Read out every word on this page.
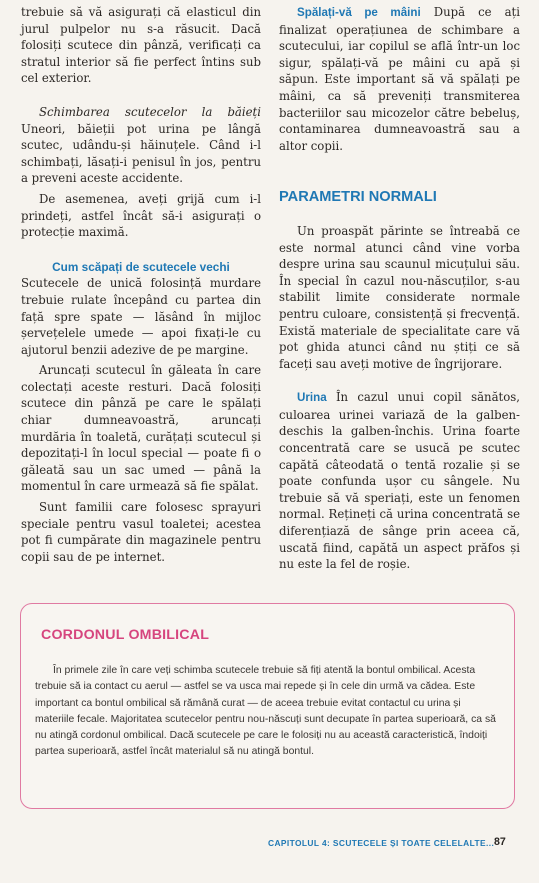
trebuie să vă asigurați că elasticul din jurul pulpelor nu s-a răsucit. Dacă folosiți scutece din pânză, verificați ca stratul interior să fie perfect întins sub cel exterior.

Schimbarea scutecelor la băieți Uneori, băieții pot urina pe lângă scutec, udându-și hăinuțele. Când i-l schimbați, lăsați-i penisul în jos, pentru a preveni aceste accidente.

De asemenea, aveți grijă cum i-l prindeți, astfel încât să-i asigurați o protecție maximă.

Cum scăpați de scutecele vechi

Scutecele de unică folosință murdare trebuie rulate începând cu partea din față spre spate — lăsând în mijloc șervețelele umede — apoi fixați-le cu ajutorul benzii adezive de pe margine.

Aruncați scutecul în găleata în care colectați aceste resturi. Dacă folosiți scutece din pânză pe care le spălați chiar dumneavoastră, aruncați murdăria în toaletă, curățați scutecul și depozitați-l în locul special — poate fi o găleată sau un sac umed — până la momentul în care urmează să fie spălat.

Sunt familii care folosesc sprayuri speciale pentru vasul toaletei; acestea pot fi cumpărate din magazinele pentru copii sau de pe internet.

Spălați-vă pe mâini După ce ați finalizat operațiunea de schimbare a scutecului, iar copilul se află într-un loc sigur, spălați-vă pe mâini cu apă și săpun. Este important să vă spălați pe mâini, ca să preveniți transmiterea bacteriilor sau micozelor către bebeluș, contaminarea dumneavoastră sau a altor copii.

PARAMETRI NORMALI

Un proaspăt părinte se întreabă ce este normal atunci când vine vorba despre urina sau scaunul micuțului său. În special în cazul nou-născuților, s-au stabilit limite considerate normale pentru culoare, consistență și frecvență. Există materiale de specialitate care vă pot ghida atunci când nu știți ce să faceți sau aveți motive de îngrijorare.

Urina În cazul unui copil sănătos, culoarea urinei variază de la galben-deschis la galben-închis. Urina foarte concentrată care se usucă pe scutec capătă câteodată o tentă rozalie și se poate confunda ușor cu sângele. Nu trebuie să vă speriați, este un fenomen normal. Rețineți că urina concentrată se diferențiază de sânge prin aceea că, uscată fiind, capătă un aspect prăfos și nu este la fel de roșie.

CORDONUL OMBILICAL

În primele zile în care veți schimba scutecele trebuie să fiți atentă la bontul ombilical. Acesta trebuie să ia contact cu aerul — astfel se va usca mai repede și în cele din urmă va cădea. Este important ca bontul ombilical să rămână curat — de aceea trebuie evitat contactul cu urina și materiile fecale. Majoritatea scutecelor pentru nou-născuți sunt decupate în partea superioară, ca să nu atingă cordonul ombilical. Dacă scutecele pe care le folosiți nu au această caracteristică, îndoiți partea superioară, astfel încât materialul să nu atingă bontul.

CAPITOLUL 4: SCUTECELE ȘI TOATE CELELALTE... 87
